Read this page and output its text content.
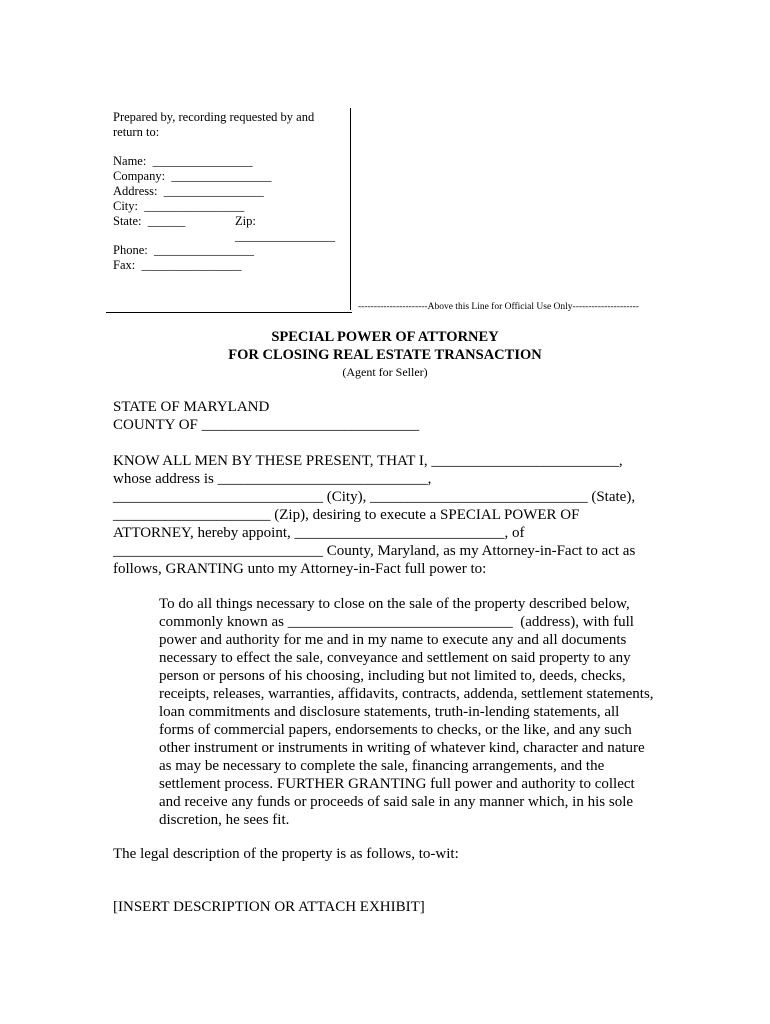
Prepared by, recording requested by and
return to:
Name:  ________________
Company:  ________________
Address:  ________________
City:  ________________
State:  ______	Zip:
________________
Phone:  ________________
Fax:  ________________
----------------------Above this Line for Official Use Only---------------------
SPECIAL POWER OF ATTORNEY
FOR CLOSING REAL ESTATE TRANSACTION
(Agent for Seller)
STATE OF MARYLAND
COUNTY OF _____________________________
KNOW ALL MEN BY THESE PRESENT, THAT I, _________________________,
whose address is ____________________________,
____________________________ (City), _____________________________ (State),
_____________________ (Zip), desiring to execute a SPECIAL POWER OF
ATTORNEY, hereby appoint, ____________________________, of
____________________________ County, Maryland, as my Attorney-in-Fact to act as
follows, GRANTING unto my Attorney-in-Fact full power to:
To do all things necessary to close on the sale of the property described below,
commonly known as ______________________________  (address), with full
power and authority for me and in my name to execute any and all documents
necessary to effect the sale, conveyance and settlement on said property to any
person or persons of his choosing, including but not limited to, deeds, checks,
receipts, releases, warranties, affidavits, contracts, addenda, settlement statements,
loan commitments and disclosure statements, truth-in-lending statements, all
forms of commercial papers, endorsements to checks, or the like, and any such
other instrument or instruments in writing of whatever kind, character and nature
as may be necessary to complete the sale, financing arrangements, and the
settlement process. FURTHER GRANTING full power and authority to collect
and receive any funds or proceeds of said sale in any manner which, in his sole
discretion, he sees fit.
The legal description of the property is as follows, to-wit:
[INSERT DESCRIPTION OR ATTACH EXHIBIT]
